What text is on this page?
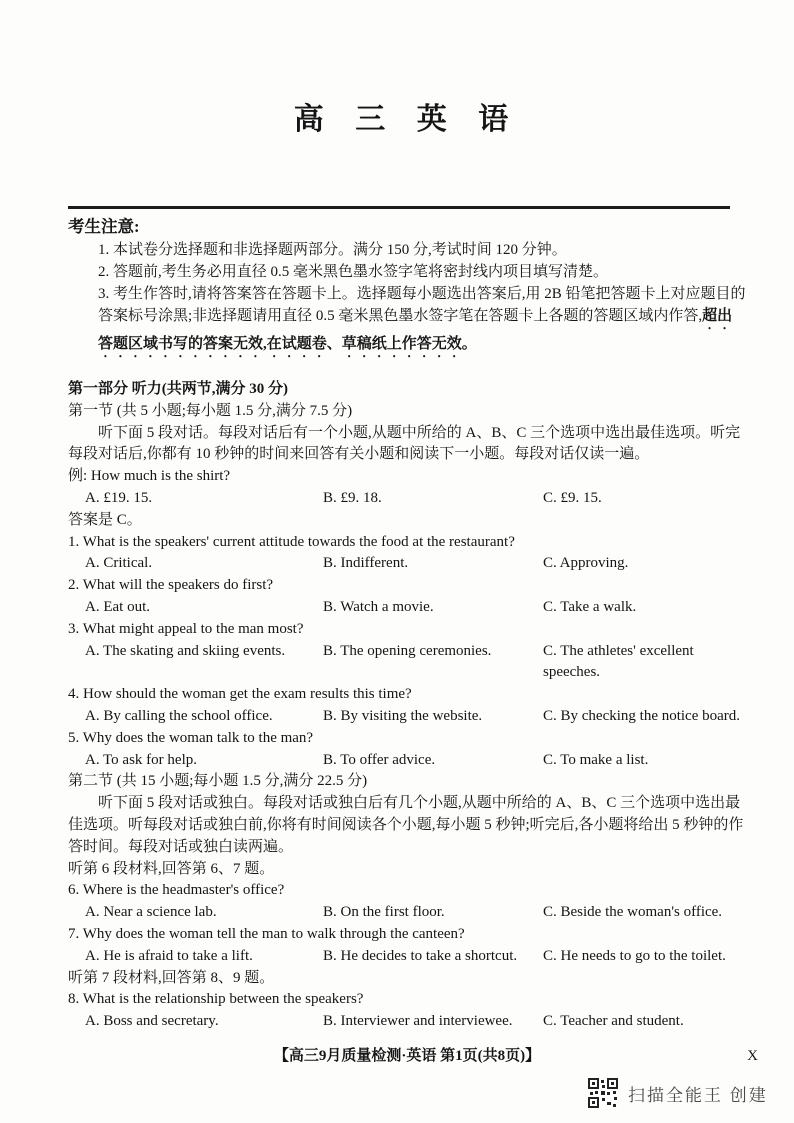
高 三 英 语
考生注意:

1. 本试卷分选择题和非选择题两部分。满分 150 分,考试时间 120 分钟。

2. 答题前,考生务必用直径 0.5 毫米黑色墨水签字笔将密封线内项目填写清楚。

3. 考生作答时,请将答案答在答题卡上。选择题每小题选出答案后,用 2B 铅笔把答题卡上对应题目的答案标号涂黑;非选择题请用直径 0.5 毫米黑色墨水签字笔在答题卡上各题的答题区域内作答,超出答题区域书写的答案无效,在试题卷、草稿纸上作答无效。

第一部分 听力(共两节,满分 30 分)
第一节 (共 5 小题;每小题 1.5 分,满分 7.5 分)
听下面 5 段对话。每段对话后有一个小题,从题中所给的 A、B、C 三个选项中选出最佳选项。听完每段对话后,你都有 10 秒钟的时间来回答有关小题和阅读下一小题。每段对话仅读一遍。
例: How much is the shirt?
A. £19. 15.	B. £9. 18.	C. £9. 15.
答案是 C。
1. What is the speakers' current attitude towards the food at the restaurant?
A. Critical.	B. Indifferent.	C. Approving.
2. What will the speakers do first?
A. Eat out.	B. Watch a movie.	C. Take a walk.
3. What might appeal to the man most?
A. The skating and skiing events.	B. The opening ceremonies.	C. The athletes' excellent speeches.
4. How should the woman get the exam results this time?
A. By calling the school office.	B. By visiting the website.	C. By checking the notice board.
5. Why does the woman talk to the man?
A. To ask for help.	B. To offer advice.	C. To make a list.
第二节 (共 15 小题;每小题 1.5 分,满分 22.5 分)
听下面 5 段对话或独白。每段对话或独白后有几个小题,从题中所给的 A、B、C 三个选项中选出最佳选项。听每段对话或独白前,你将有时间阅读各个小题,每小题 5 秒钟;听完后,各小题将给出 5 秒钟的作答时间。每段对话或独白读两遍。
听第 6 段材料,回答第 6、7 题。
6. Where is the headmaster's office?
A. Near a science lab.	B. On the first floor.	C. Beside the woman's office.
7. Why does the woman tell the man to walk through the canteen?
A. He is afraid to take a lift.	B. He decides to take a shortcut.	C. He needs to go to the toilet.
听第 7 段材料,回答第 8、9 题。
8. What is the relationship between the speakers?
A. Boss and secretary.	B. Interviewer and interviewee.	C. Teacher and student.
【高三9月质量检测·英语 第1页(共8页)】	X
扫描全能王 创建
